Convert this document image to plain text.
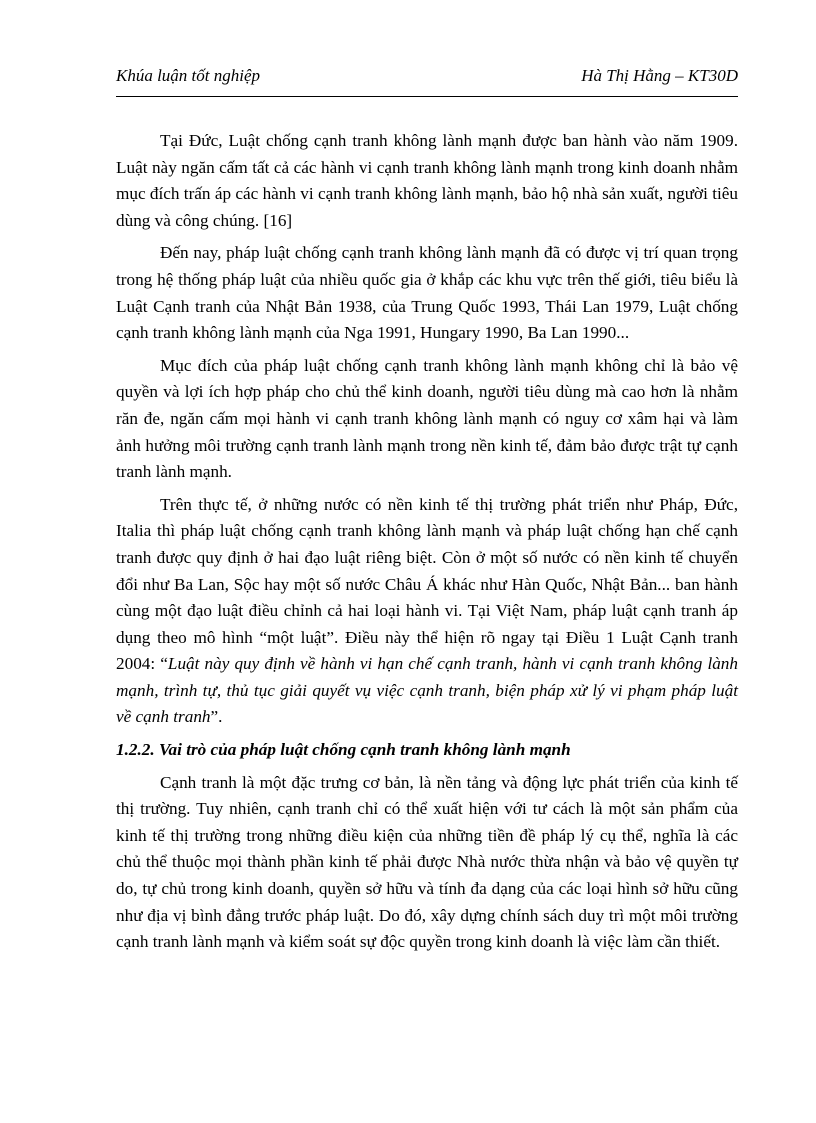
Khúa luận tốt nghiệp	Hà Thị Hằng – KT30D

Tại Đức, Luật chống cạnh tranh không lành mạnh được ban hành vào năm 1909. Luật này ngăn cấm tất cả các hành vi cạnh tranh không lành mạnh trong kinh doanh nhằm mục đích trấn áp các hành vi cạnh tranh không lành mạnh, bảo hộ nhà sản xuất, người tiêu dùng và công chúng. [16]

Đến nay, pháp luật chống cạnh tranh không lành mạnh đã có được vị trí quan trọng trong hệ thống pháp luật của nhiều quốc gia ở khắp các khu vực trên thế giới, tiêu biểu là Luật Cạnh tranh của Nhật Bản 1938, của Trung Quốc 1993, Thái Lan 1979, Luật chống cạnh tranh không lành mạnh của Nga 1991, Hungary 1990, Ba Lan 1990...

Mục đích của pháp luật chống cạnh tranh không lành mạnh không chỉ là bảo vệ quyền và lợi ích hợp pháp cho chủ thể kinh doanh, người tiêu dùng mà cao hơn là nhằm răn đe, ngăn cấm mọi hành vi cạnh tranh không lành mạnh có nguy cơ xâm hại và làm ảnh hưởng môi trường cạnh tranh lành mạnh trong nền kinh tế, đảm bảo được trật tự cạnh tranh lành mạnh.

Trên thực tế, ở những nước có nền kinh tế thị trường phát triển như Pháp, Đức, Italia thì pháp luật chống cạnh tranh không lành mạnh và pháp luật chống hạn chế cạnh tranh được quy định ở hai đạo luật riêng biệt. Còn ở một số nước có nền kinh tế chuyển đổi như Ba Lan, Sộc hay một số nước Châu Á khác như Hàn Quốc, Nhật Bản... ban hành cùng một đạo luật điều chỉnh cả hai loại hành vi. Tại Việt Nam, pháp luật cạnh tranh áp dụng theo mô hình “một luật”. Điều này thể hiện rõ ngay tại Điều 1 Luật Cạnh tranh 2004: “Luật này quy định về hành vi hạn chế cạnh tranh, hành vi cạnh tranh không lành mạnh, trình tự, thủ tục giải quyết vụ việc cạnh tranh, biện pháp xử lý vi phạm pháp luật về cạnh tranh”.

1.2.2. Vai trò của pháp luật chống cạnh tranh không lành mạnh

Cạnh tranh là một đặc trưng cơ bản, là nền tảng và động lực phát triển của kinh tế thị trường. Tuy nhiên, cạnh tranh chỉ có thể xuất hiện với tư cách là một sản phẩm của kinh tế thị trường trong những điều kiện của những tiền đề pháp lý cụ thể, nghĩa là các chủ thể thuộc mọi thành phần kinh tế phải được Nhà nước thừa nhận và bảo vệ quyền tự do, tự chủ trong kinh doanh, quyền sở hữu và tính đa dạng của các loại hình sở hữu cũng như địa vị bình đẳng trước pháp luật. Do đó, xây dựng chính sách duy trì một môi trường cạnh tranh lành mạnh và kiểm soát sự độc quyền trong kinh doanh là việc làm cần thiết.
